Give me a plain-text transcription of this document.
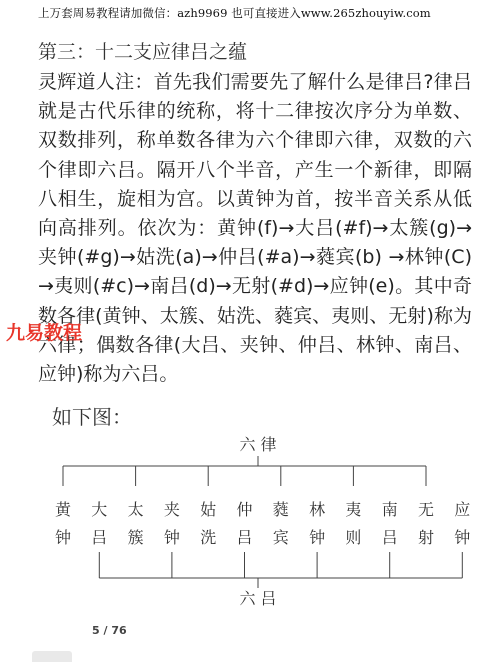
上万套周易教程请加微信：azh9969 也可直接进入www.265zhouyiw.com
第三：十二支应律吕之蕴

灵辉道人注：首先我们需要先了解什么是律吕?律吕就是古代乐律的统称，将十二律按次序分为单数、双数排列，称单数各律为六个律即六律，双数的六个律即六吕。隔开八个半音，产生一个新律，即隔八相生，旋相为宫。以黄钟为首，按半音关系从低向高排列。依次为：黄钟(f)→大吕(#f)→太簇(g)→夹钟(#g)→姑洗(a)→仲吕(#a)→蕤宾(b) →林钟(C)→夷则(#c)→南吕(d)→无射(#d)→应钟(e)。其中奇数各律(黄钟、太簇、姑洗、蕤宾、夷则、无射)称为六律；偶数各律(大吕、夹钟、仲吕、林钟、南吕、应钟)称为六吕。

九易教程
如下图：
六 律
黄
钟
大
吕
太
簇
夹
钟
姑
洗
仲
吕
蕤
宾
林
钟
夷
则
南
吕
无
射
应
钟
六 吕
5 / 76
